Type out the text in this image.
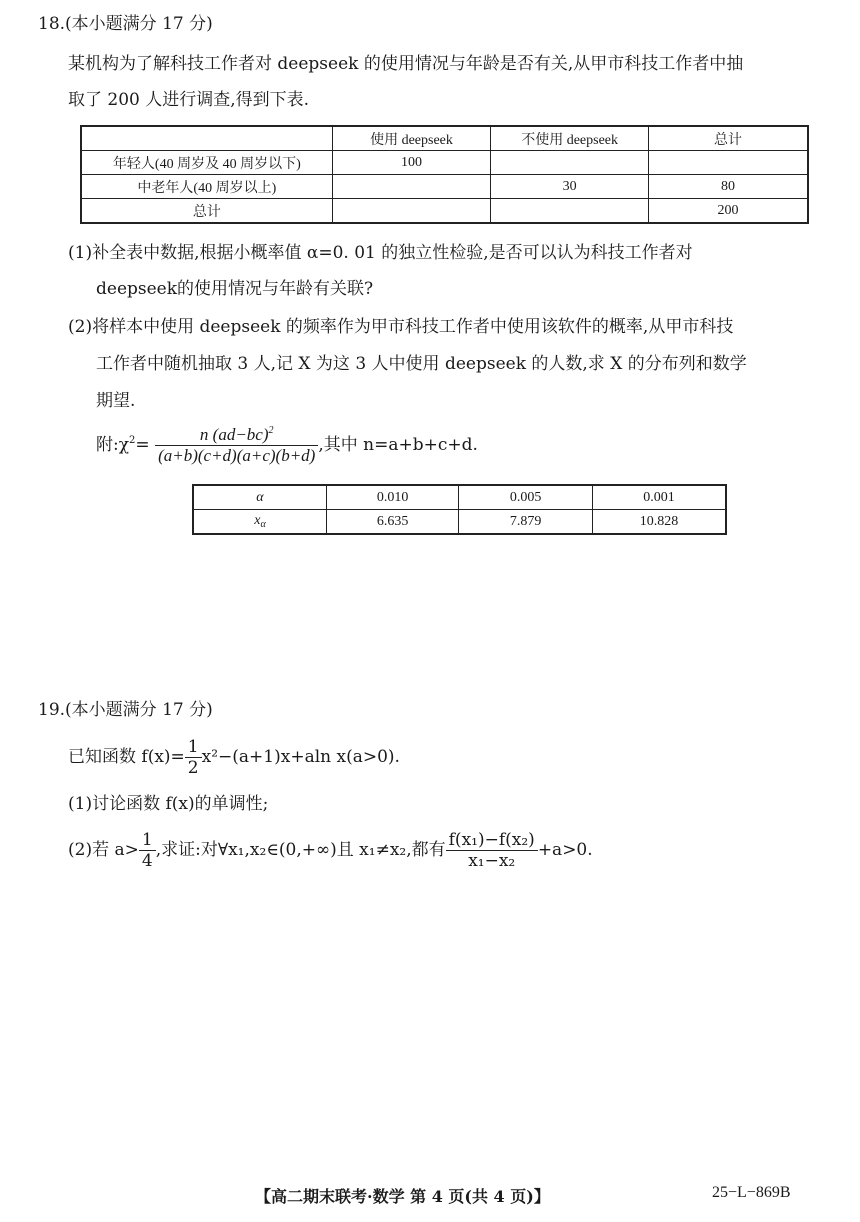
18.(本小题满分 17 分)
某机构为了解科技工作者对 deepseek 的使用情况与年龄是否有关,从甲市科技工作者中抽
取了 200 人进行调查,得到下表.
	使用 deepseek	不使用 deepseek	总计
年轻人(40 周岁及 40 周岁以下)	100		
中老年人(40 周岁以上)		30	80
总计			200
(1)补全表中数据,根据小概率值 α=0. 01 的独立性检验,是否可以认为科技工作者对
deepseek的使用情况与年龄有关联?
(2)将样本中使用 deepseek 的频率作为甲市科技工作者中使用该软件的概率,从甲市科技
工作者中随机抽取 3 人,记 X 为这 3 人中使用 deepseek 的人数,求 X 的分布列和数学
期望.
附$:\chi^2= \frac{n (ad-bc)^2}{(a+b)(c+d)(a+c)(b+d)}$ ,其中 n=a+b+c+d.
α	0.010	0.005	0.001
$x_\alpha$	6.635	7.879	10.828
19.(本小题满分 17 分)
已知函数 $f(x)= \frac{1}{2} x^2-(a+1)x+aln$ x(a>0).
(1)讨论函数 f(x)的单调性;
(2)若 $a> \frac{1}{4}$ ,求证:对∀x₁,x₂∈(0,+∞)且 x₁≠x₂,都有 $\frac{\text{f(x₁)−f(x₂)}}{\text{x₁−x₂}} +a>0$.
【高二期末联考·数学 第 4 页(共 4 页)】	25−L−869B
